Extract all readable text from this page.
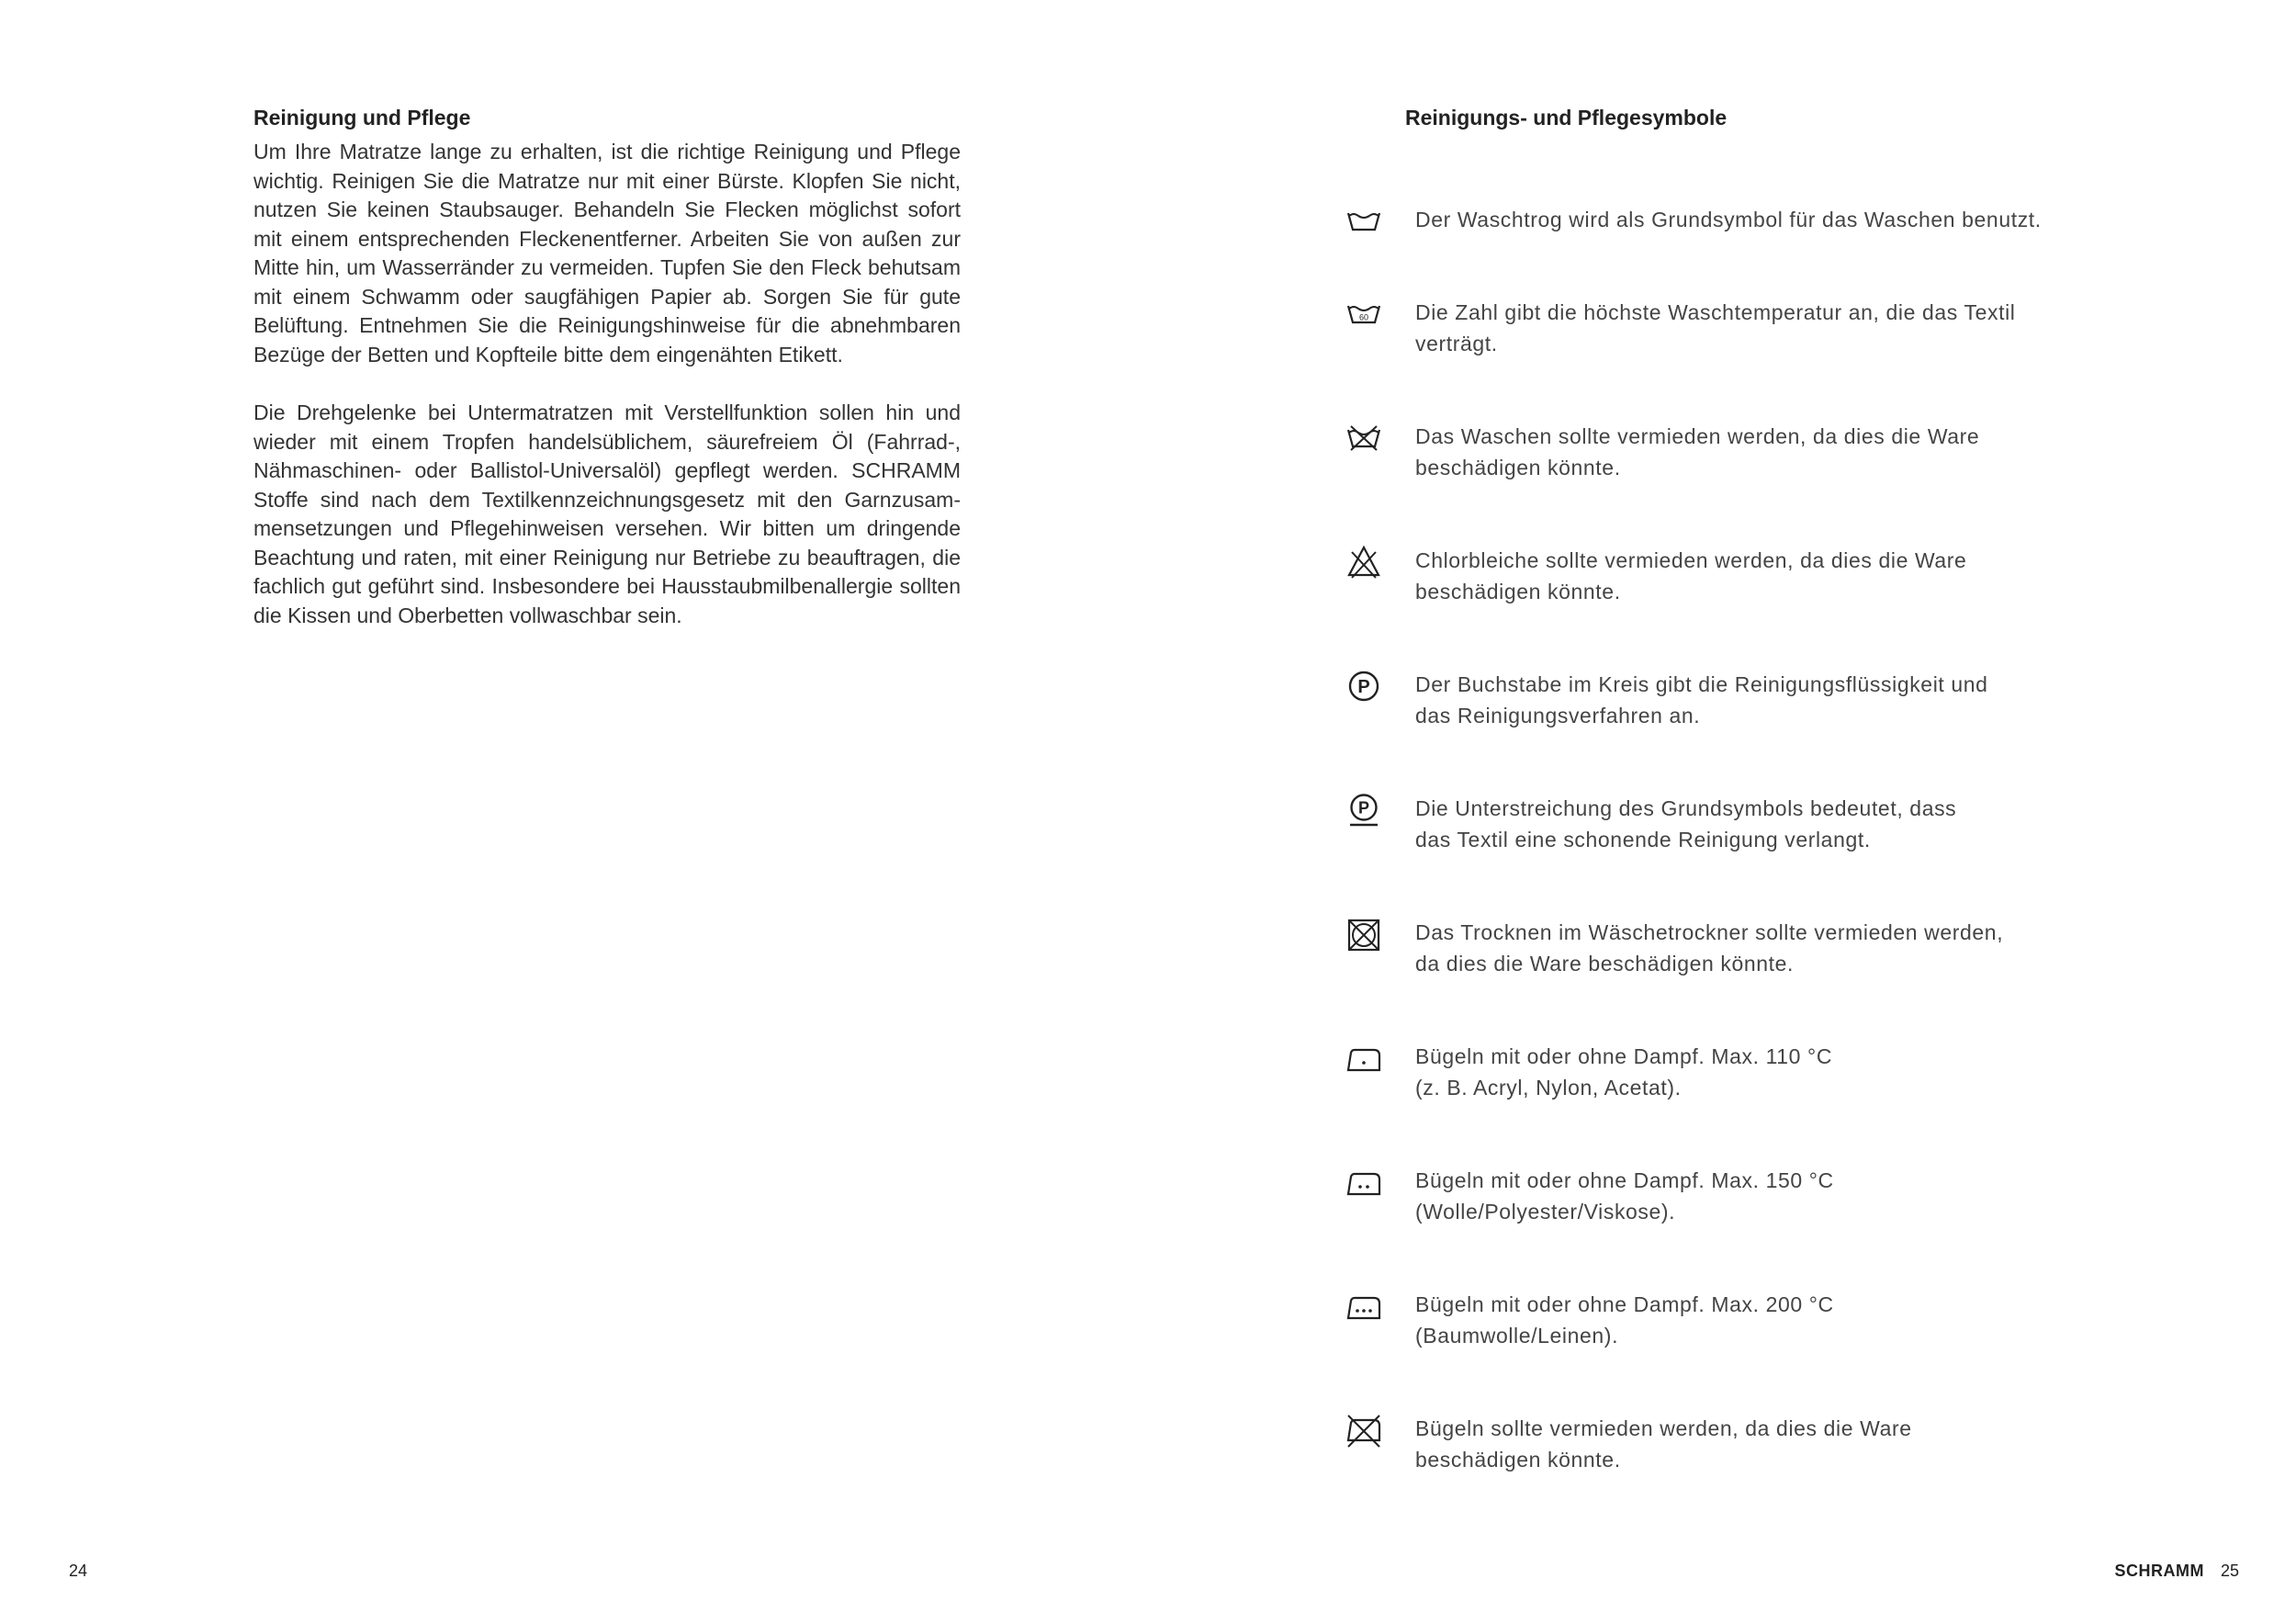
Reinigung und Pflege
Um Ihre Matratze lange zu erhalten, ist die richtige Reinigung und Pflege wichtig. Reinigen Sie die Matratze nur mit einer Bürste. Klopfen Sie nicht, nutzen Sie keinen Staubsauger. Behandeln Sie Flecken möglichst sofort mit einem entsprechenden Fleckenentferner. Arbeiten Sie von außen zur Mitte hin, um Wasserränder zu vermeiden. Tupfen Sie den Fleck behutsam mit einem Schwamm oder saugfähigen Papier ab. Sorgen Sie für gute Belüftung. Entnehmen Sie die Reinigungshinweise für die abnehmbaren Bezüge der Betten und Kopfteile bitte dem eingenähten Etikett.
Die Drehgelenke bei Untermatratzen mit Verstellfunktion sollen hin und wieder mit einem Tropfen handelsüblichem, säurefreiem Öl (Fahrrad-, Nähmaschinen- oder Ballistol-Universalöl) gepflegt werden. SCHRAMM Stoffe sind nach dem Textilkennzeichnungsgesetz mit den Garnzusammensetzungen und Pflegehinweisen versehen. Wir bitten um dringende Beachtung und raten, mit einer Reinigung nur Betriebe zu beauftragen, die fachlich gut geführt sind. Insbesondere bei Hausstaubmilbenallergie sollten die Kissen und Oberbetten vollwaschbar sein.
24
Reinigungs- und Pflegesymbole
Der Waschtrog wird als Grundsymbol für das Waschen benutzt.
60 Die Zahl gibt die höchste Waschtemperatur an, die das Textil
verträgt.
Das Waschen sollte vermieden werden, da dies die Ware
beschädigen könnte.
Chlorbleiche sollte vermieden werden, da dies die Ware
beschädigen könnte.
P Der Buchstabe im Kreis gibt die Reinigungsflüssigkeit und
das Reinigungsverfahren an.
P Die Unterstreichung des Grundsymbols bedeutet, dass
das Textil eine schonende Reinigung verlangt.
Das Trocknen im Wäschetrockner sollte vermieden werden,
da dies die Ware beschädigen könnte.
Bügeln mit oder ohne Dampf. Max. 110 °C
(z. B. Acryl, Nylon, Acetat).
Bügeln mit oder ohne Dampf. Max. 150 °C
(Wolle/Polyester/Viskose).
Bügeln mit oder ohne Dampf. Max. 200 °C
(Baumwolle/Leinen).
Bügeln sollte vermieden werden, da dies die Ware
beschädigen könnte.
SCHRAMM 25
